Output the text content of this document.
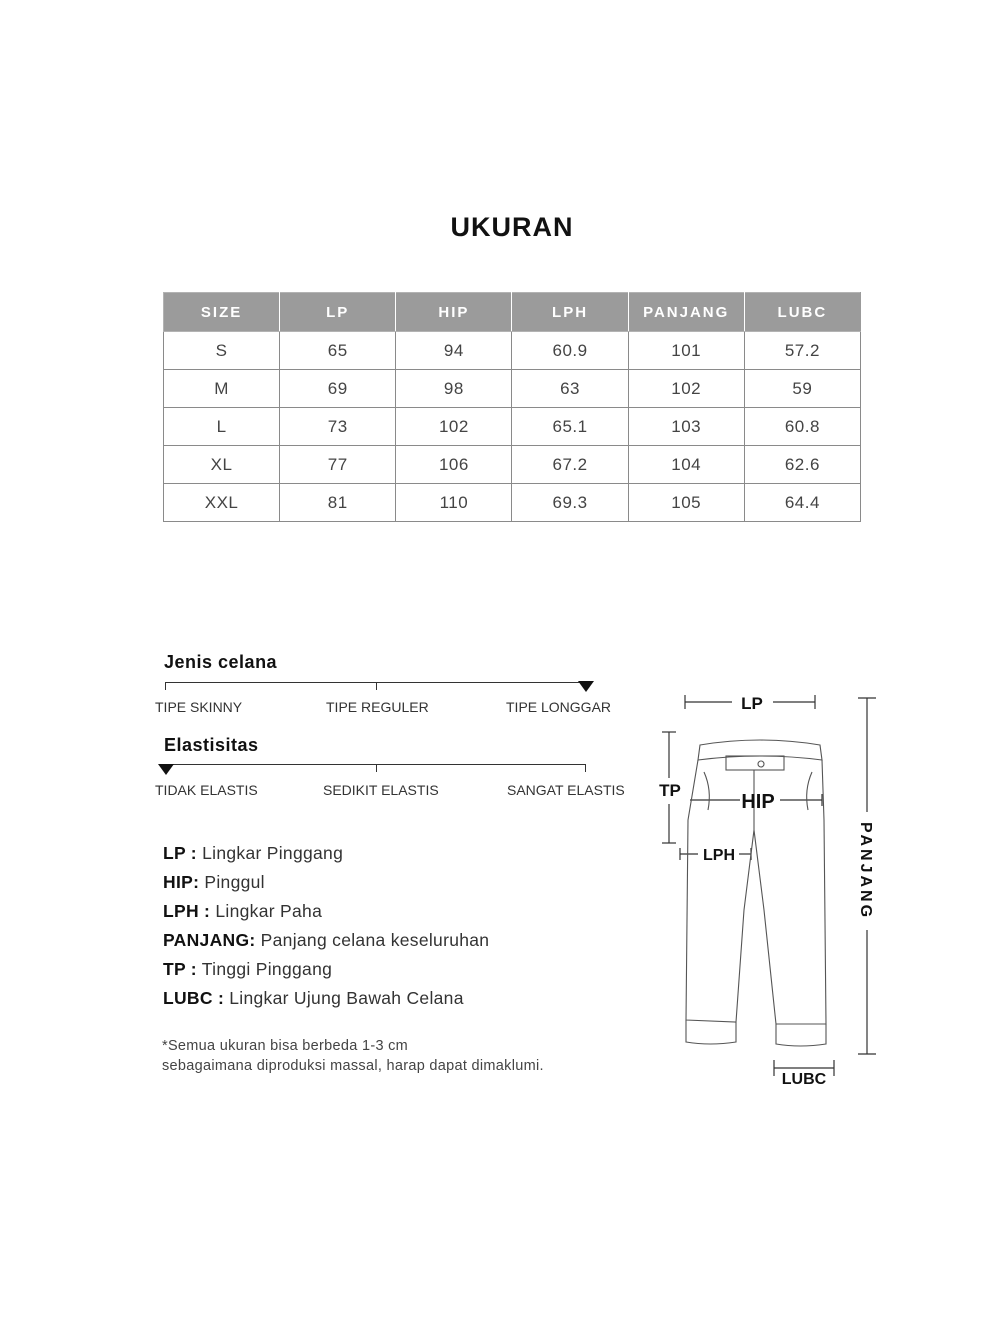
UKURAN
SIZE	LP	HIP	LPH	PANJANG	LUBC
S	65	94	60.9	101	57.2
M	69	98	63	102	59
L	73	102	65.1	103	60.8
XL	77	106	67.2	104	62.6
XXL	81	110	69.3	105	64.4
Jenis celana
TIPE SKINNY	TIPE REGULER	TIPE LONGGAR
Elastisitas
TIDAK ELASTIS	SEDIKIT ELASTIS	SANGAT ELASTIS
LP : Lingkar Pinggang
HIP: Pinggul
LPH : Lingkar Paha
PANJANG: Panjang celana keseluruhan
TP : Tinggi Pinggang
LUBC : Lingkar Ujung Bawah Celana
*Semua ukuran bisa berbeda 1-3 cm
sebagaimana diproduksi massal, harap dapat dimaklumi.
LP
TP
HIP
LPH
LUBC
PANJANG
